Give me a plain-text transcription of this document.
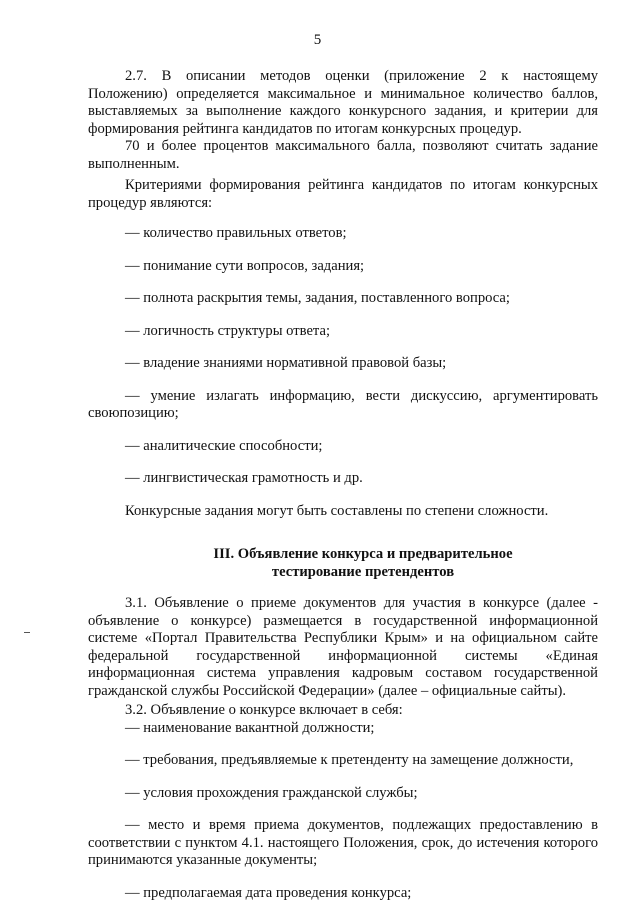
5

2.7. В описании методов оценки (приложение 2 к настоящему

Положению) определяется максимальное и минимальное количество баллов, выставляемых за выполнение каждого конкурсного задания, и критерии для формирования рейтинга кандидатов по итогам конкурсных процедур.

70 и более процентов максимального балла, позволяют считать задание выполненным.

Критериями формирования рейтинга кандидатов по итогам конкурсных процедур являются:

— количество правильных ответов;

— понимание сути вопросов, задания;

— полнота раскрытия темы, задания, поставленного вопроса;

— логичность структуры ответа;

— владение знаниями нормативной правовой базы;

— умение излагать информацию, вести дискуссию, аргументировать своюпозицию;

— аналитические способности;

— лингвистическая грамотность и др.

Конкурсные задания могут быть составлены по степени сложности.

III. Объявление конкурса и предварительное
тестирование претендентов

3.1. Объявление о приеме документов для участия в конкурсе (далее - объявление о конкурсе) размещается в государственной информационной системе «Портал Правительства Республики Крым» и на официальном сайте федеральной государственной информационной системы «Единая информационная система управления кадровым составом государственной гражданской службы Российской Федерации» (далее – официальные сайты).

3.2. Объявление о конкурсе включает в себя:

— наименование вакантной должности;

— требования, предъявляемые к претенденту на замещение должности,

— условия прохождения гражданской службы;

— место и время приема документов, подлежащих предоставлению в соответствии с пунктом 4.1. настоящего Положения, срок, до истечения которого принимаются указанные документы;

— предполагаемая дата проведения конкурса;
